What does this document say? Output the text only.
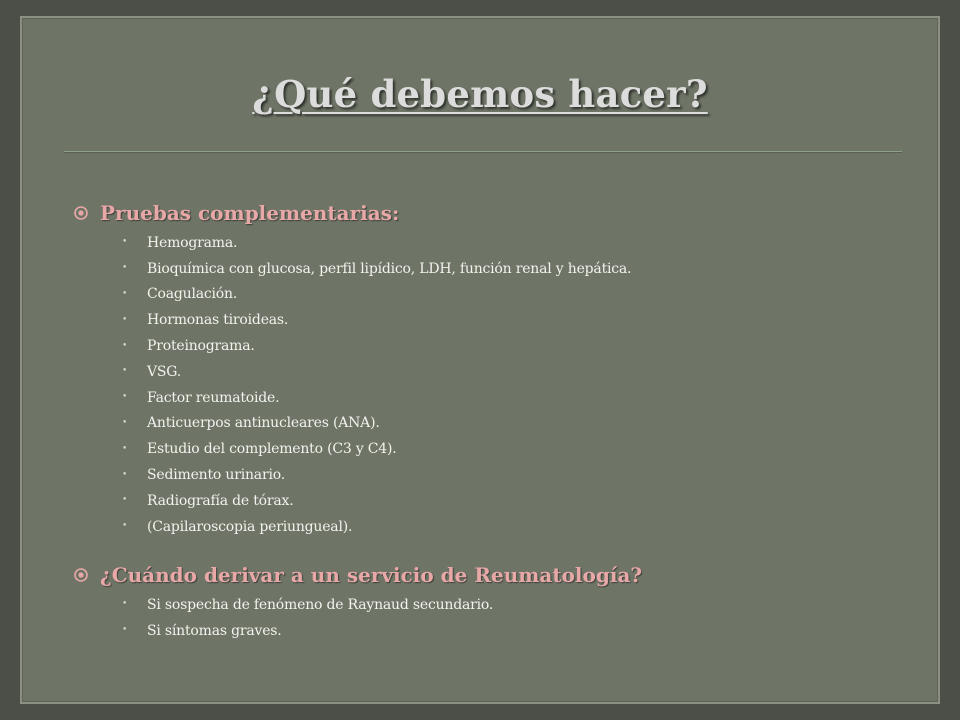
¿Qué debemos hacer?
Pruebas complementarias:
•	Hemograma.
•	Bioquímica con glucosa, perfil lipídico, LDH, función renal y hepática.
•	Coagulación.
•	Hormonas tiroideas.
•	Proteinograma.
•	VSG.
•	Factor reumatoide.
•	Anticuerpos antinucleares (ANA).
•	Estudio del complemento (C3 y C4).
•	Sedimento urinario.
•	Radiografía de tórax.
•	(Capilaroscopia periungueal).
¿Cuándo derivar a un servicio de Reumatología?
•	Si sospecha de fenómeno de Raynaud secundario.
•	Si síntomas graves.
